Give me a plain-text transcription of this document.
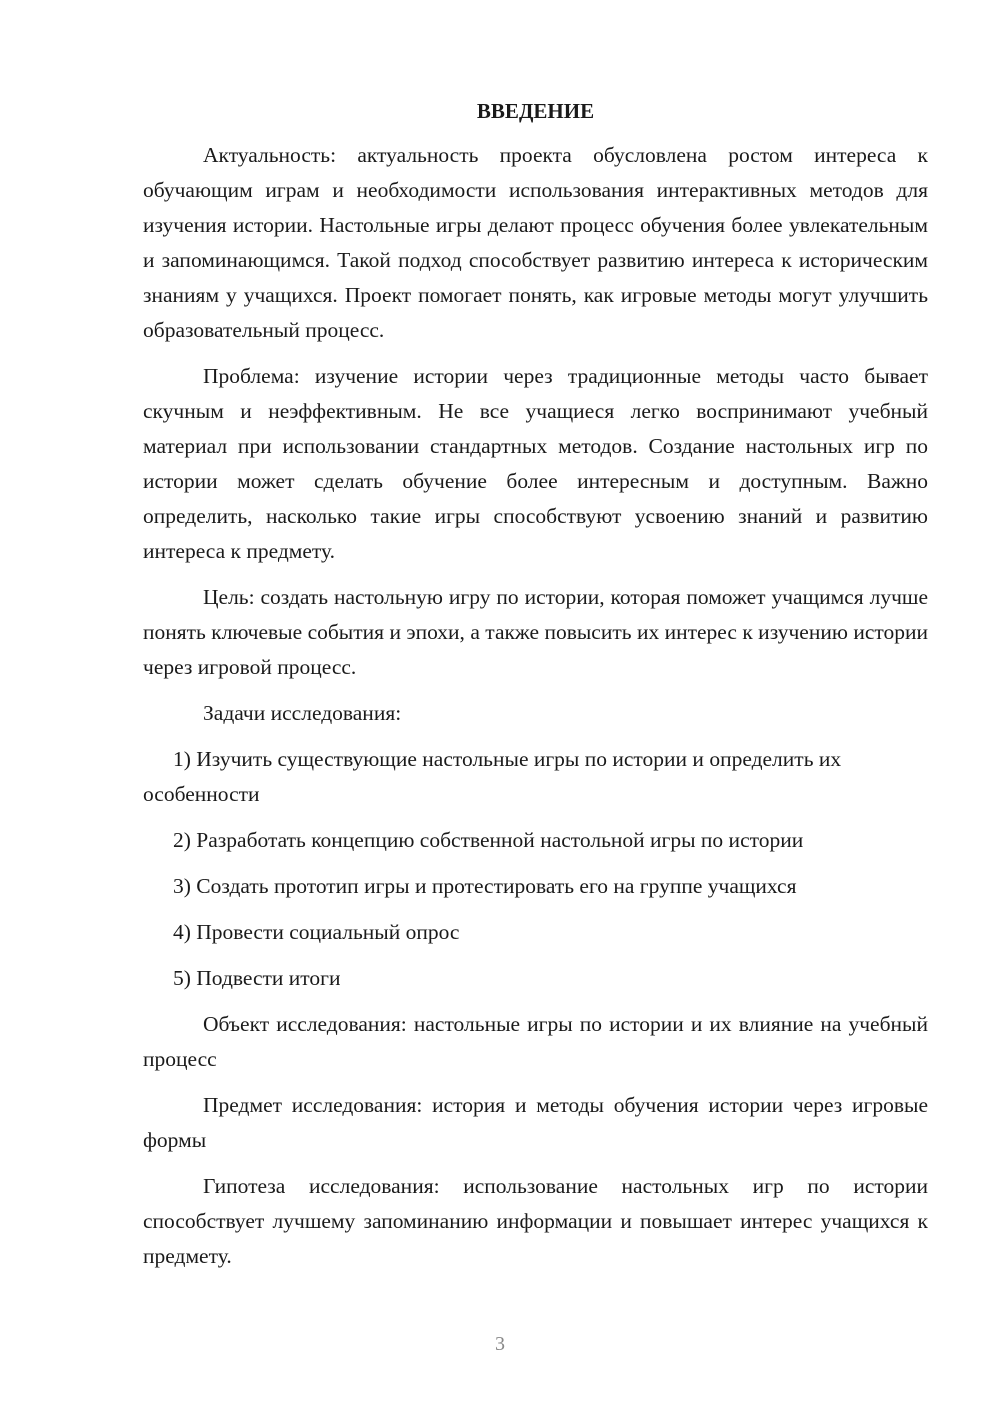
ВВЕДЕНИЕ

Актуальность: актуальность проекта обусловлена ростом интереса к обучающим играм и необходимости использования интерактивных методов для изучения истории. Настольные игры делают процесс обучения более увлекательным и запоминающимся. Такой подход способствует развитию интереса к историческим знаниям у учащихся. Проект помогает понять, как игровые методы могут улучшить образовательный процесс.

Проблема: изучение истории через традиционные методы часто бывает скучным и неэффективным. Не все учащиеся легко воспринимают учебный материал при использовании стандартных методов. Создание настольных игр по истории может сделать обучение более интересным и доступным. Важно определить, насколько такие игры способствуют усвоению знаний и развитию интереса к предмету.

Цель: создать настольную игру по истории, которая поможет учащимся лучше понять ключевые события и эпохи, а также повысить их интерес к изучению истории через игровой процесс.

Задачи исследования:

1) Изучить существующие настольные игры по истории и определить их особенности

2) Разработать концепцию собственной настольной игры по истории

3) Создать прототип игры и протестировать его на группе учащихся

4) Провести социальный опрос

5) Подвести итоги

Объект исследования: настольные игры по истории и их влияние на учебный процесс

Предмет исследования: история и методы обучения истории через игровые формы

Гипотеза исследования: использование настольных игр по истории способствует лучшему запоминанию информации и повышает интерес учащихся к предмету.

3
